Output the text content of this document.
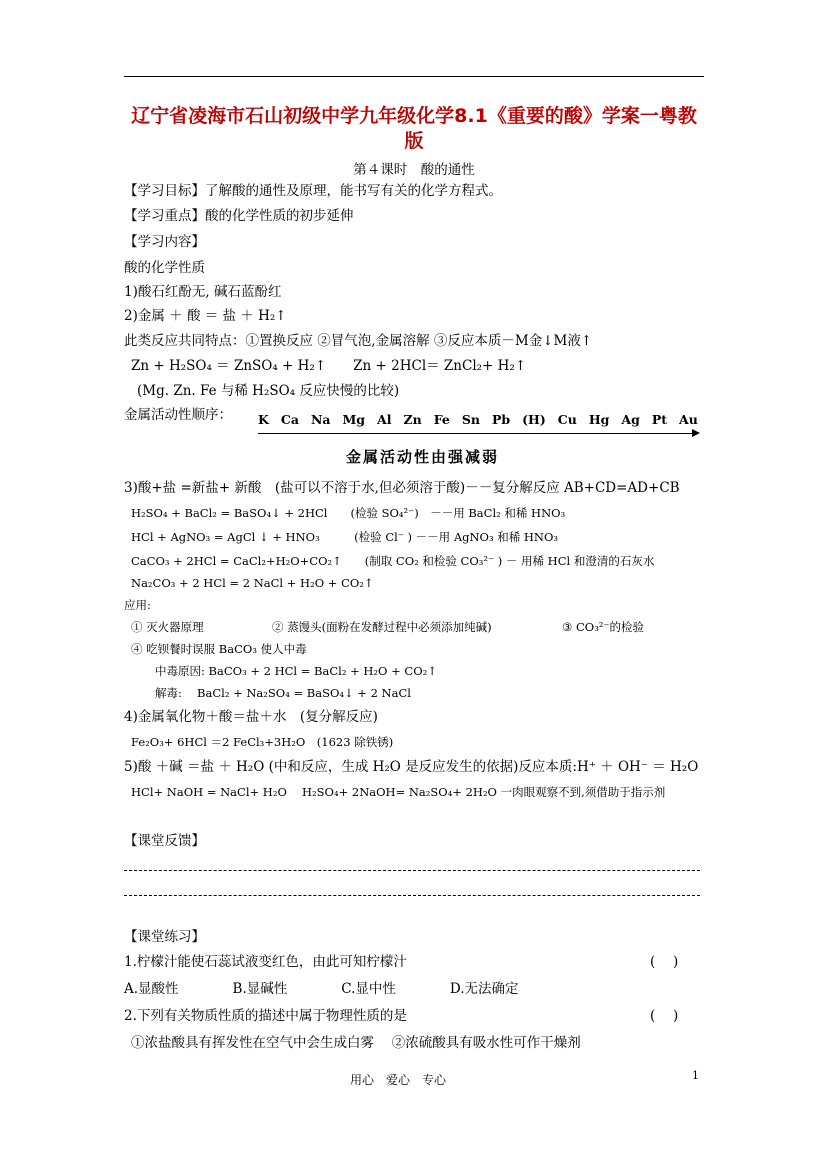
辽宁省凌海市石山初级中学九年级化学8.1《重要的酸》学案一粤教
版
第４课时　酸的通性
【学习目标】了解酸的通性及原理，能书写有关的化学方程式。
【学习重点】酸的化学性质的初步延伸
【学习内容】
酸的化学性质
1)酸石红酚无, 碱石蓝酚红
2)金属 ＋ 酸 ＝ 盐 ＋ H₂↑
此类反应共同特点：①置换反应 ②冒气泡,金属溶解 ③反应本质－M金↓M液↑
Zn + H₂SO₄ ＝ ZnSO₄ + H₂↑　　Zn + 2HCl＝ ZnCl₂+ H₂↑
(Mg. Zn. Fe 与稀 H₂SO₄ 反应快慢的比较)
金属活动性顺序： K Ca Na Mg Al Zn Fe Sn Pb (H) Cu Hg Ag Pt Au
金属活动性由强减弱
3)酸+盐 =新盐+ 新酸　(盐可以不溶于水,但必须溶于酸)－－复分解反应 AB+CD=AD+CB
H₂SO₄ + BaCl₂ = BaSO₄↓ + 2HCl　　(检验 SO₄²⁻)　－－用 BaCl₂ 和稀 HNO₃
HCl + AgNO₃ = AgCl ↓ + HNO₃　　　(检验 Cl⁻ ) －－用 AgNO₃ 和稀 HNO₃
CaCO₃ + 2HCl = CaCl₂+H₂O+CO₂↑　　(制取 CO₂ 和检验 CO₃²⁻ ) － 用稀 HCl 和澄清的石灰水
Na₂CO₃ + 2 HCl = 2 NaCl + H₂O + CO₂↑
应用:
① 灭火器原理	② 蒸馒头(面粉在发酵过程中必须添加纯碱)	③ CO₃²⁻的检验
④ 吃钡餐时误服 BaCO₃ 使人中毒
中毒原因: BaCO₃ + 2 HCl = BaCl₂ + H₂O + CO₂↑
解毒:　 BaCl₂ + Na₂SO₄ = BaSO₄↓ + 2 NaCl
4)金属氧化物＋酸＝盐＋水　(复分解反应)
Fe₂O₃+ 6HCl ＝2 FeCl₃+3H₂O　(1623 除铁锈)
5)酸 ＋碱 ＝盐 ＋ H₂O (中和反应，生成 H₂O 是反应发生的依据)反应本质:H⁺ ＋ OH⁻ ＝ H₂O
HCl+ NaOH = NaCl+ H₂O　 H₂SO₄+ 2NaOH= Na₂SO₄+ 2H₂O 一肉眼观察不到,须借助于指示剂
【课堂反馈】
【课堂练习】
1.柠檬汁能使石蕊试液变红色，由此可知柠檬汁	(　 )
A.显酸性　　　　B.显碱性　　　　C.显中性　　　　D.无法确定
2.下列有关物质性质的描述中属于物理性质的是	(　 )
①浓盐酸具有挥发性在空气中会生成白雾　 ②浓硫酸具有吸水性可作干燥剂
用心　爱心　专心	1
